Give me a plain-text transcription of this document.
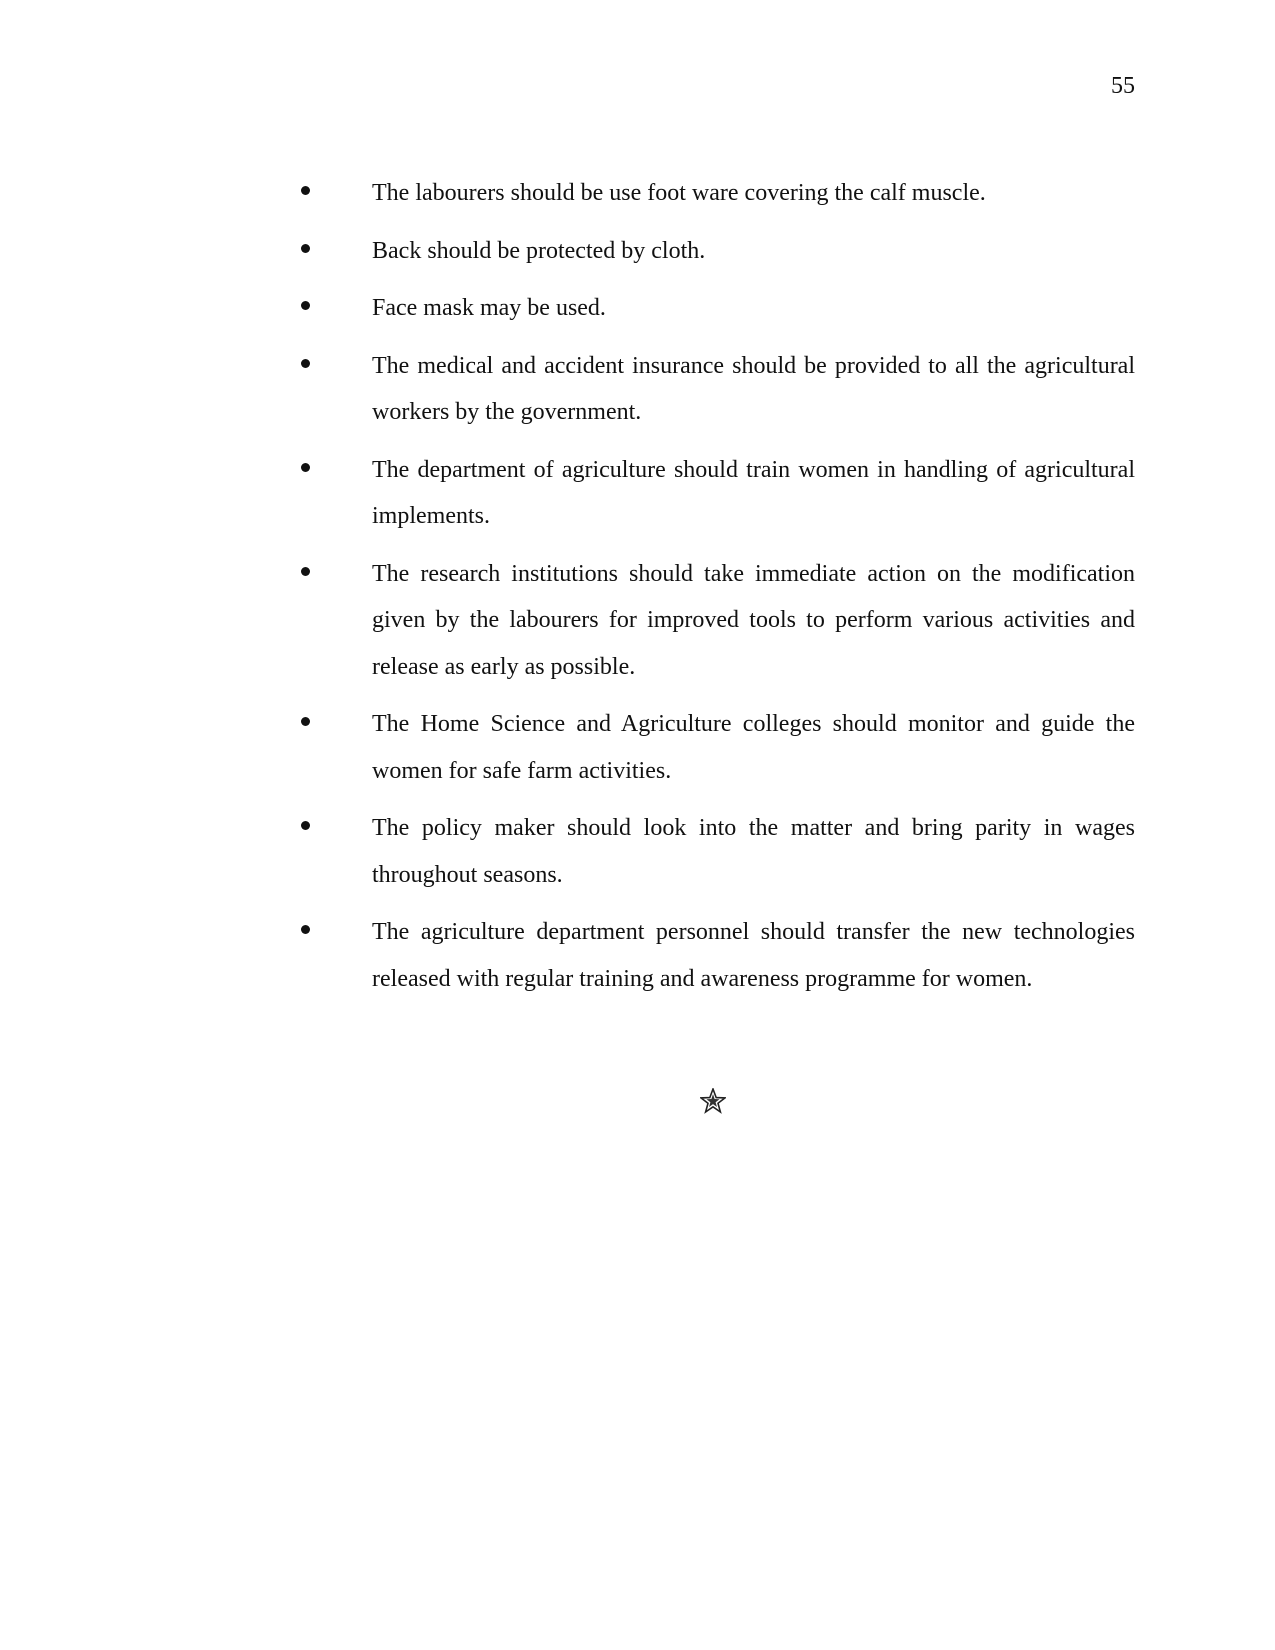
55
The labourers should be use foot ware covering the calf muscle.
Back should be protected by cloth.
Face mask may be used.
The medical and accident insurance should be provided to all the agricultural workers by the government.
The department of agriculture should train women in handling of agricultural implements.
The research institutions should take immediate action on the modification given by the labourers for improved tools to perform various activities and release as early as possible.
The Home Science and Agriculture colleges should monitor and guide the women for safe farm activities.
The policy maker should look into the matter and bring parity in wages throughout seasons.
The agriculture department personnel should transfer the new technologies released with regular training and awareness programme for women.
